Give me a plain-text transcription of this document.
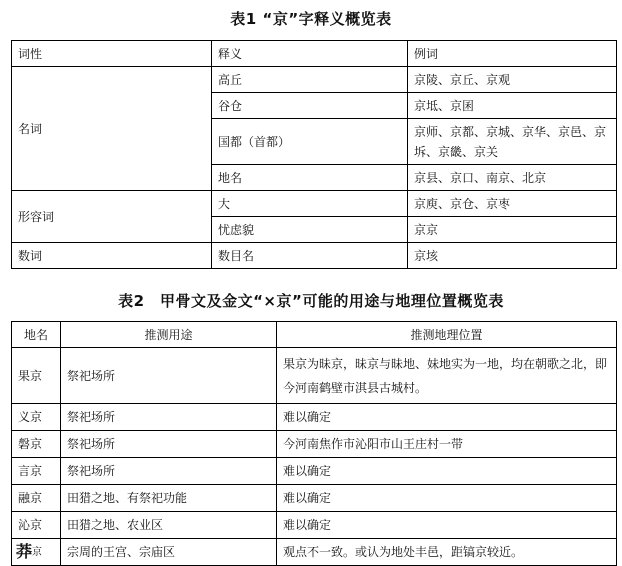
表1 “京”字释义概览表
词性	释义	例词
名词	高丘	京陵、京丘、京观
	谷仓	京坻、京囷
	国都（首都）	京师、京都、京城、京华、京邑、京坼、京畿、京关
	地名	京县、京口、南京、北京
形容词	大	京庾、京仓、京枣
	忧虑貌	京京
数词	数目名	京垓
表2　甲骨文及金文“×京”可能的用途与地理位置概览表
地名	推测用途	推测地理位置
果京	祭祀场所	果京为昧京，昧京与昧地、妹地实为一地，均在朝歌之北，即今河南鹤壁市淇县古城村。
义京	祭祀场所	难以确定
磐京	祭祀场所	今河南焦作市沁阳市山王庄村一带
言京	祭祀场所	难以确定
融京	田猎之地、有祭祀功能	难以确定
沁京	田猎之地、农业区	难以确定
莽京	宗周的王宫、宗庙区	观点不一致。或认为地处丰邑，距镐京较近。
